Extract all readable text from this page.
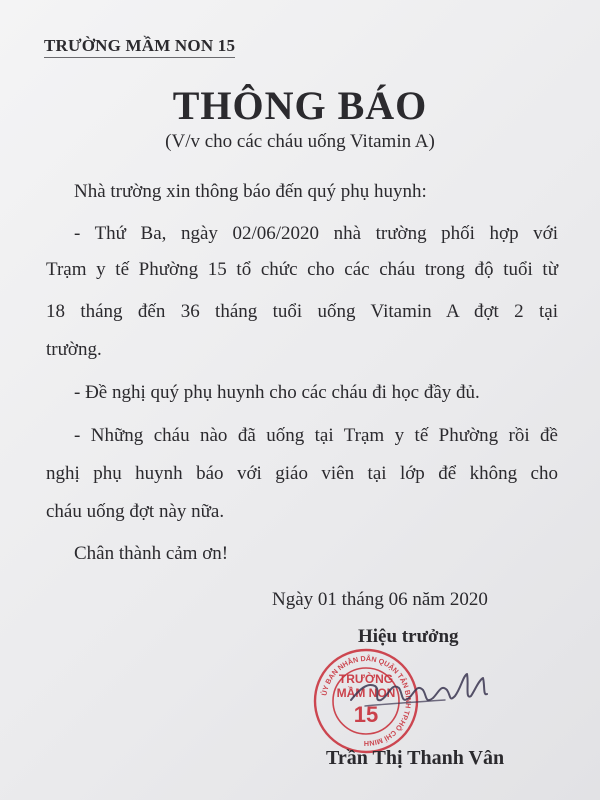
TRƯỜNG MẦM NON 15
THÔNG BÁO
(V/v cho các cháu uống Vitamin A)
Nhà trường xin thông báo đến quý phụ huynh:
- Thứ Ba, ngày 02/06/2020 nhà trường phối hợp với
Trạm y tế Phường 15 tổ chức cho các cháu trong độ tuổi từ
18 tháng đến 36 tháng tuổi uống Vitamin A đợt 2 tại
trường.
- Đề nghị quý phụ huynh cho các cháu đi học đầy đủ.
- Những cháu nào đã uống tại Trạm y tế Phường rồi đề
nghị phụ huynh báo với giáo viên tại lớp để không cho
cháu uống đợt này nữa.
Chân thành cảm ơn!
Ngày 01 tháng 06 năm 2020
Hiệu trưởng
ỦY BAN NHÂN DÂN QUẬN TÂN BÌNH TP.HỒ CHÍ MINH
TRƯỜNG
MẦM NON
15
Trần Thị Thanh Vân
